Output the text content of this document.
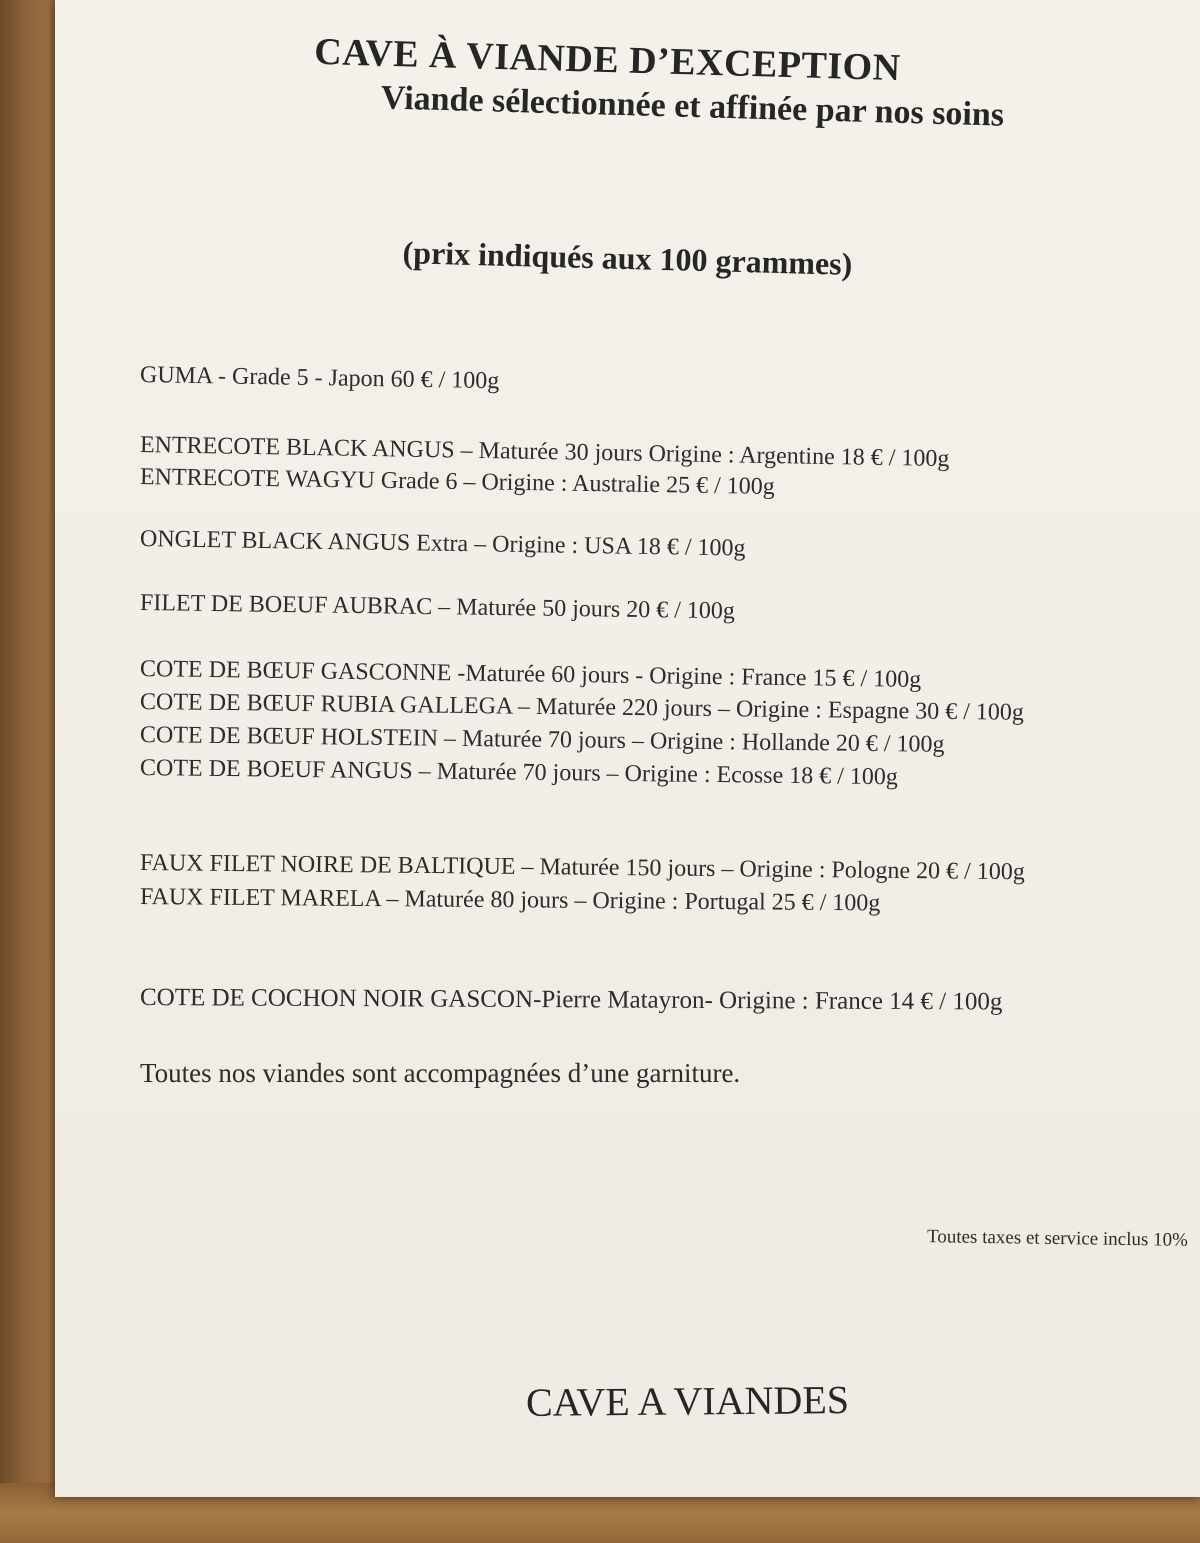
CAVE À VIANDE D’EXCEPTION
Viande sélectionnée et affinée par nos soins
(prix indiqués aux 100 grammes)
GUMA - Grade 5 - Japon 60 € / 100g
ENTRECOTE BLACK ANGUS – Maturée 30 jours Origine : Argentine 18 € / 100g
ENTRECOTE WAGYU Grade 6 – Origine : Australie 25 € / 100g
ONGLET BLACK ANGUS Extra – Origine : USA 18 € / 100g
FILET DE BOEUF AUBRAC – Maturée 50 jours 20 € / 100g
COTE DE BŒUF GASCONNE -Maturée 60 jours - Origine : France 15 € / 100g
COTE DE BŒUF RUBIA GALLEGA – Maturée 220 jours – Origine : Espagne 30 € / 100g
COTE DE BŒUF HOLSTEIN – Maturée 70 jours – Origine : Hollande 20 € / 100g
COTE DE BOEUF ANGUS – Maturée 70 jours – Origine : Ecosse 18 € / 100g
FAUX FILET NOIRE DE BALTIQUE – Maturée 150 jours – Origine : Pologne 20 € / 100g
FAUX FILET MARELA – Maturée 80 jours – Origine : Portugal 25 € / 100g
COTE DE COCHON NOIR GASCON-Pierre Matayron- Origine : France 14 € / 100g
Toutes nos viandes sont accompagnées d’une garniture.
Toutes taxes et service inclus 10%
CAVE A VIANDES
